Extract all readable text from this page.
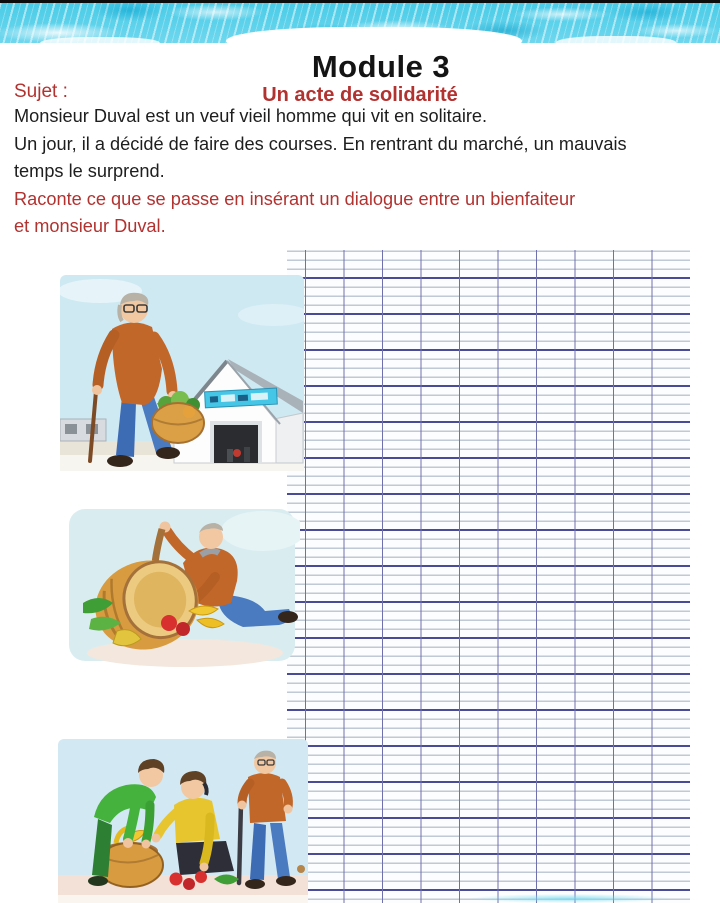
Module 3
Un acte de solidarité
Sujet :
Monsieur Duval est un veuf vieil homme qui vit en solitaire.
Un jour, il a décidé de faire des courses. En rentrant du marché, un mauvais
temps le surprend.
Raconte ce que se passe en insérant un dialogue entre un bienfaiteur
et monsieur Duval.
